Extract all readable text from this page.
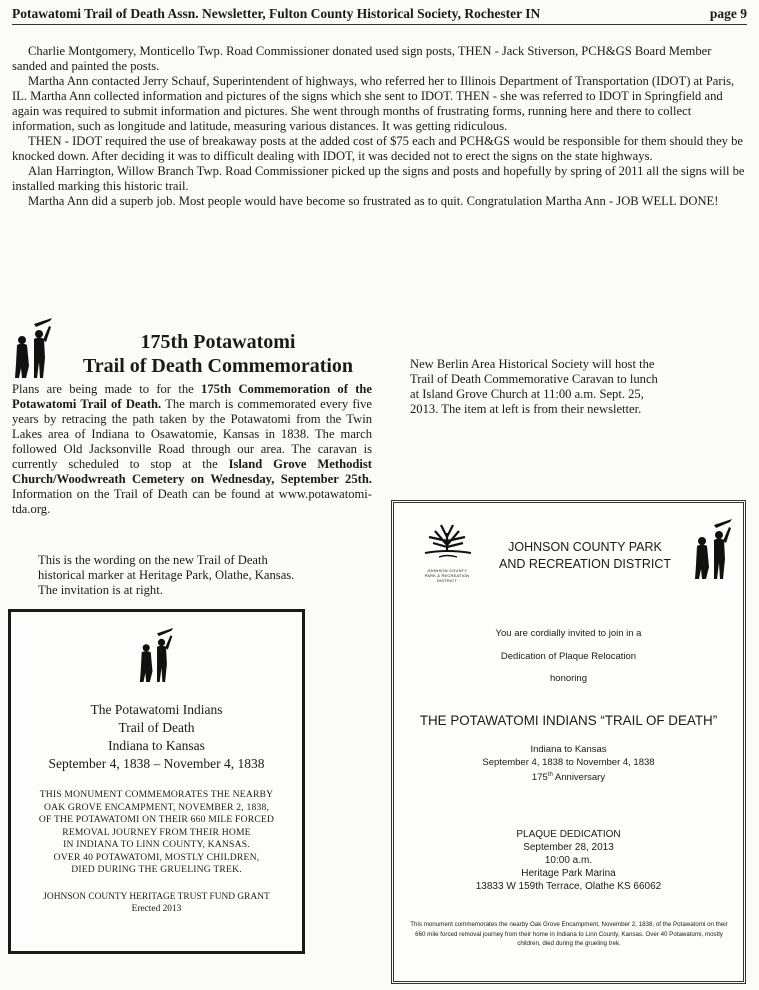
Potawatomi Trail of Death Assn. Newsletter, Fulton County Historical Society, Rochester IN	page 9

Charlie Montgomery, Monticello Twp. Road Commissioner donated used sign posts, THEN - Jack Stiverson, PCH&GS Board Member sanded and painted the posts.

Martha Ann contacted Jerry Schauf, Superintendent of highways, who referred her to Illinois Department of Transportation (IDOT) at Paris, IL. Martha Ann collected information and pictures of the signs which she sent to IDOT. THEN - she was referred to IDOT in Springfield and again was required to submit information and pictures. She went through months of frustrating forms, running here and there to collect information, such as longitude and latitude, measuring various distances. It was getting ridiculous.

THEN - IDOT required the use of breakaway posts at the added cost of $75 each and PCH&GS would be responsible for them should they be knocked down. After deciding it was to difficult dealing with IDOT, it was decided not to erect the signs on the state highways.

Alan Harrington, Willow Branch Twp. Road Commissioner picked up the signs and posts and hopefully by spring of 2011 all the signs will be installed marking this historic trail.

Martha Ann did a superb job. Most people would have become so frustrated as to quit. Congratulation Martha Ann - JOB WELL DONE!

175th Potawatomi
Trail of Death Commemoration
Plans are being made to for the 175th Commemoration of the Potawatomi Trail of Death. The march is commemorated every five years by retracing the path taken by the Potawatomi from the Twin Lakes area of Indiana to Osawatomie, Kansas in 1838. The march followed Old Jacksonville Road through our area. The caravan is currently scheduled to stop at the Island Grove Methodist Church/Woodwreath Cemetery on Wednesday, September 25th. Information on the Trail of Death can be found at www.potawatomi-tda.org.
New Berlin Area Historical Society will host the Trail of Death Commemorative Caravan to lunch at Island Grove Church at 11:00 a.m. Sept. 25, 2013. The item at left is from their newsletter.
This is the wording on the new Trail of Death historical marker at Heritage Park, Olathe, Kansas. The invitation is at right.
The Potawatomi Indians
Trail of Death
Indiana to Kansas
September 4, 1838 – November 4, 1838
THIS MONUMENT COMMEMORATES THE NEARBY
OAK GROVE ENCAMPMENT, NOVEMBER 2, 1838,
OF THE POTAWATOMI ON THEIR 660 MILE FORCED
REMOVAL JOURNEY FROM THEIR HOME
IN INDIANA TO LINN COUNTY, KANSAS.
OVER 40 POTAWATOMI, MOSTLY CHILDREN,
DIED DURING THE GRUELING TREK.
JOHNSON COUNTY HERITAGE TRUST FUND GRANT
Erected 2013
JOHNSON COUNTY
PARK & RECREATION
DISTRICT
JOHNSON COUNTY PARK
AND RECREATION DISTRICT
You are cordially invited to join in a
Dedication of Plaque Relocation
honoring
THE POTAWATOMI INDIANS “TRAIL OF DEATH”
Indiana to Kansas
September 4, 1838 to November 4, 1838
175th Anniversary
PLAQUE DEDICATION
September 28, 2013
10:00 a.m.
Heritage Park Marina
13833 W 159th Terrace, Olathe KS 66062
This monument commemorates the nearby Oak Grove Encampment, November 2, 1838, of the Potawatomi on their 660 mile forced removal journey from their home in Indiana to Linn County, Kansas. Over 40 Potawatomi, mostly children, died during the grueling trek.
